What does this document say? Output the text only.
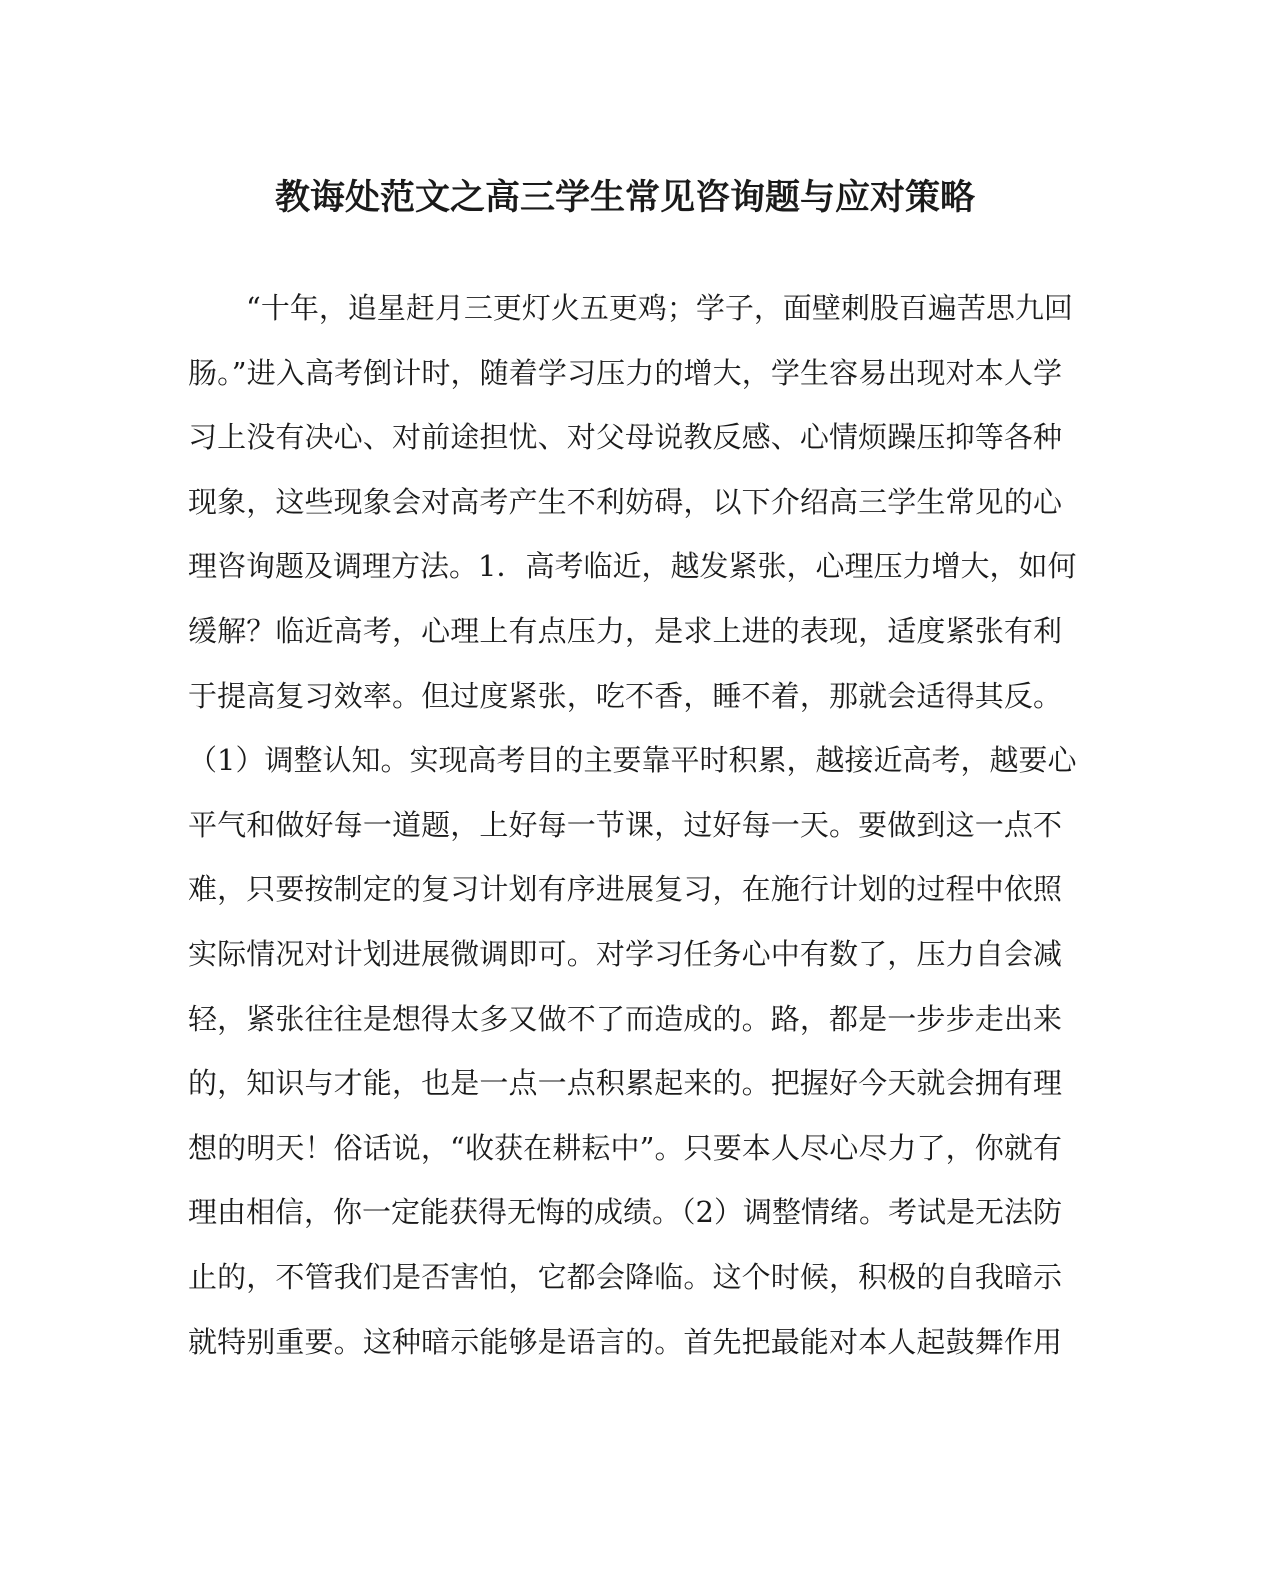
教诲处范文之高三学生常见咨询题与应对策略
　　“十年，追星赶月三更灯火五更鸡；学子，面壁刺股百遍苦思九回
肠。”进入高考倒计时，随着学习压力的增大，学生容易出现对本人学
习上没有决心、对前途担忧、对父母说教反感、心情烦躁压抑等各种
现象，这些现象会对高考产生不利妨碍，以下介绍高三学生常见的心
理咨询题及调理方法。1．高考临近，越发紧张，心理压力增大，如何
缓解？临近高考，心理上有点压力，是求上进的表现，适度紧张有利
于提高复习效率。但过度紧张，吃不香，睡不着，那就会适得其反。
（1）调整认知。实现高考目的主要靠平时积累，越接近高考，越要心
平气和做好每一道题，上好每一节课，过好每一天。要做到这一点不
难，只要按制定的复习计划有序进展复习，在施行计划的过程中依照
实际情况对计划进展微调即可。对学习任务心中有数了，压力自会减
轻，紧张往往是想得太多又做不了而造成的。路，都是一步步走出来
的，知识与才能，也是一点一点积累起来的。把握好今天就会拥有理
想的明天！俗话说，“收获在耕耘中”。只要本人尽心尽力了，你就有
理由相信，你一定能获得无悔的成绩。（2）调整情绪。考试是无法防
止的，不管我们是否害怕，它都会降临。这个时候，积极的自我暗示
就特别重要。这种暗示能够是语言的。首先把最能对本人起鼓舞作用
